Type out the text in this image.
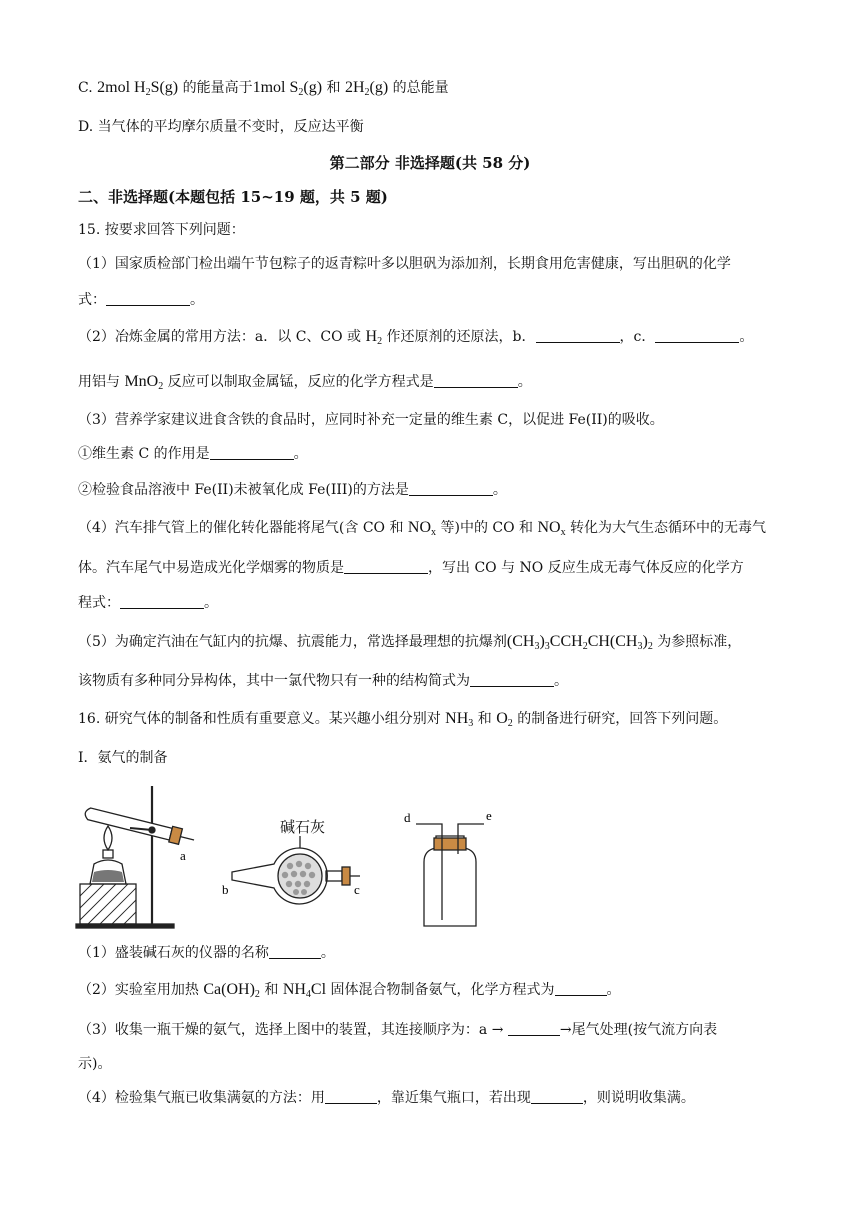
C. 2mol $H_2S(g)$ 的能量高于1mol $S_2(g)$ 和 $2H_2(g)$ 的总能量
D. 当气体的平均摩尔质量不变时，反应达平衡
第二部分 非选择题(共 58 分)
二、非选择题(本题包括 15~19 题，共 5 题)
15. 按要求回答下列问题：
（1）国家质检部门检出端午节包粽子的返青粽叶多以胆矾为添加剂，长期食用危害健康，写出胆矾的化学
式：	。
（2）冶炼金属的常用方法：a．以 C、CO 或 $H_2$ 作还原剂的还原法，b．	，c．	。
用铝与 MnO$_2$ 反应可以制取金属锰，反应的化学方程式是	。
（3）营养学家建议进食含铁的食品时，应同时补充一定量的维生素 C，以促进 Fe(II)的吸收。
①维生素 C 的作用是	。
②检验食品溶液中 Fe(II)未被氧化成 Fe(III)的方法是	。
（4）汽车排气管上的催化转化器能将尾气(含 CO 和 $NO_x$ 等)中的 CO 和 $NO_x$ 转化为大气生态循环中的无毒气
体。汽车尾气中易造成光化学烟雾的物质是	，写出 CO 与 NO 反应生成无毒气体反应的化学方
程式：	。
（5）为确定汽油在气缸内的抗爆、抗震能力，常选择最理想的抗爆剂$(CH_3)_3CCH_2CH(CH_3)_2$ 为参照标准，
该物质有多种同分异构体，其中一氯代物只有一种的结构简式为	。
16. 研究气体的制备和性质有重要意义。某兴趣小组分别对 $NH_3$ 和 $O_2$ 的制备进行研究，回答下列问题。
I．氨气的制备
a
碱石灰
b	c
d	e
（1）盛装碱石灰的仪器的名称	。
（2）实验室用加热 $Ca(OH)_2$ 和 $NH_4Cl$ 固体混合物制备氨气，化学方程式为	。
（3）收集一瓶干燥的氨气，选择上图中的装置，其连接顺序为：a →	→尾气处理(按气流方向表
示)。
（4）检验集气瓶已收集满氨的方法：用	，靠近集气瓶口，若出现	，则说明收集满。
